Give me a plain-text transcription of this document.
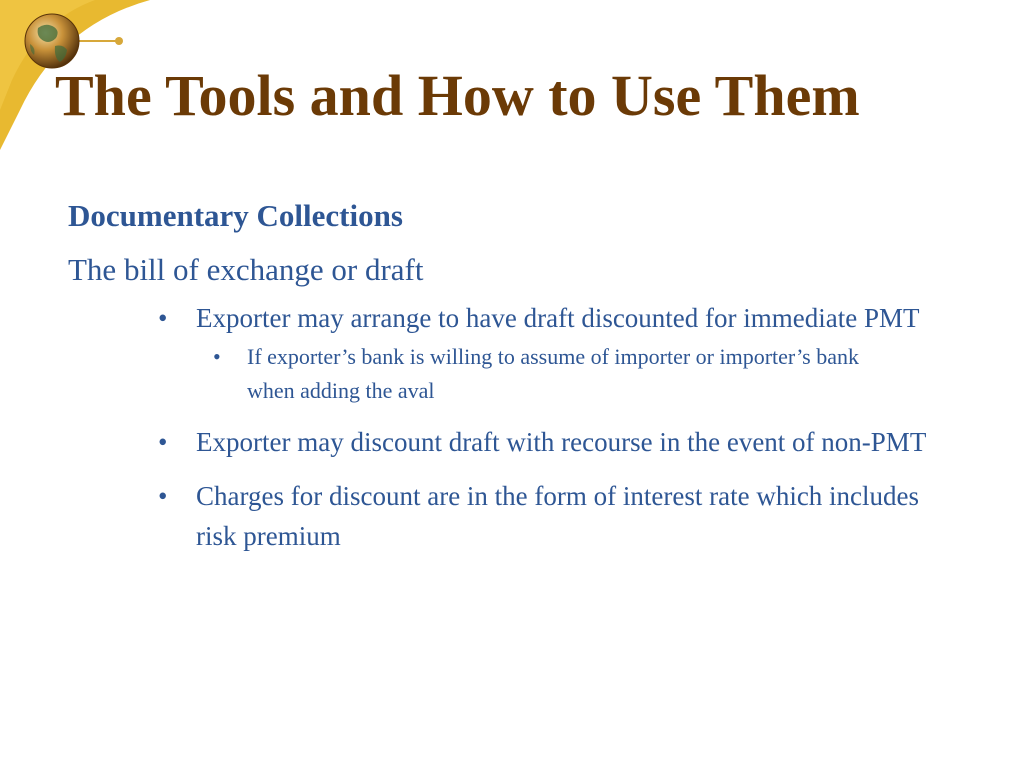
The Tools and How to Use Them

Documentary Collections

The bill of exchange or draft

• Exporter may arrange to have draft discounted for immediate PMT
• If exporter’s bank is willing to assume of importer or importer’s bank when adding the aval
• Exporter may discount draft with recourse in the event of non-PMT
• Charges for discount are in the form of interest rate which includes risk premium
